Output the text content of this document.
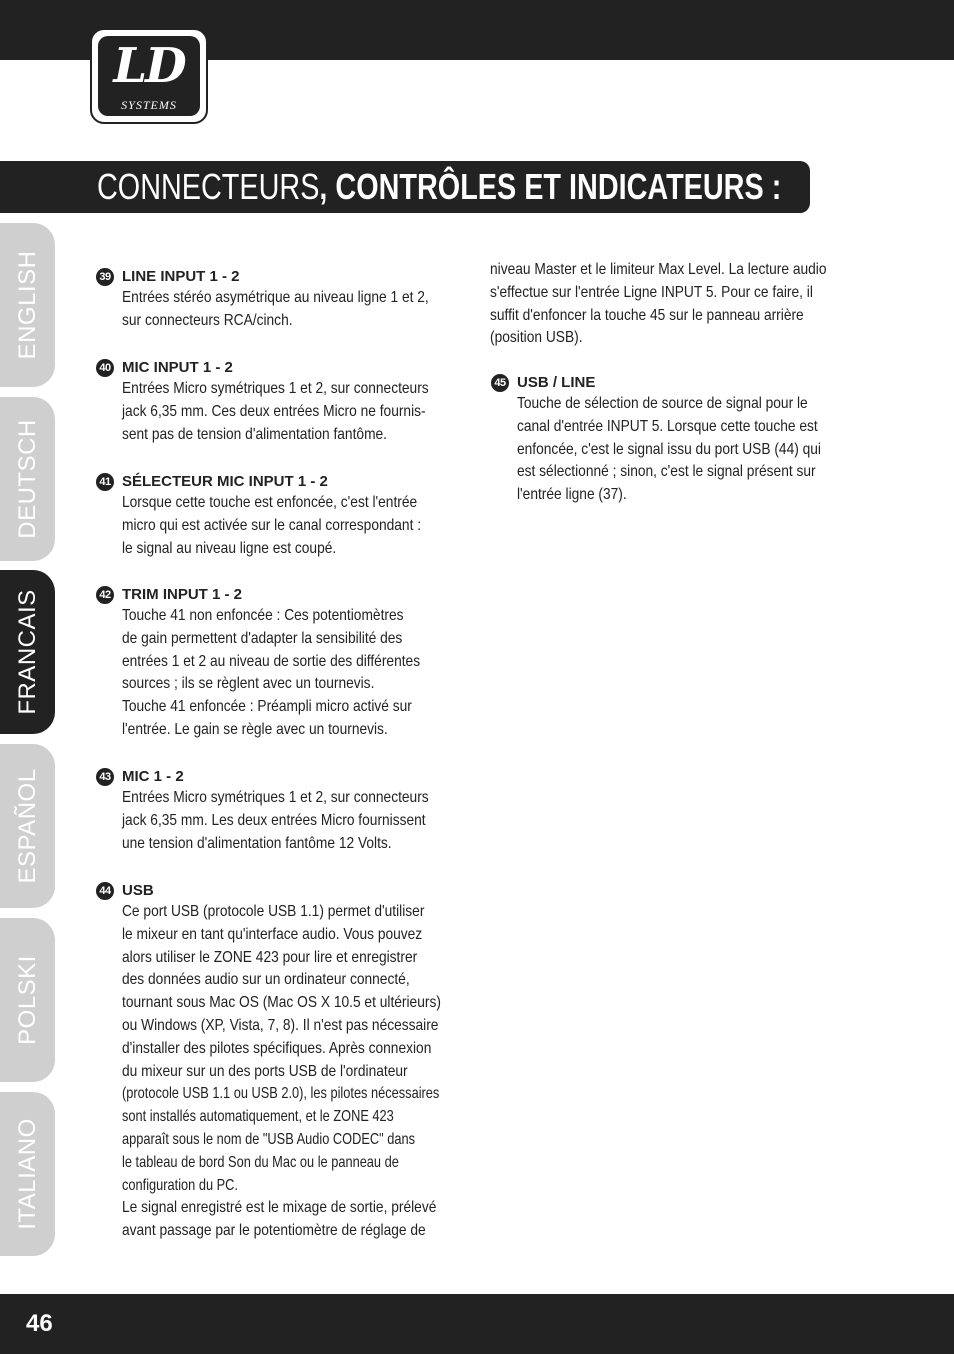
LD
SYSTEMS
CONNECTEURS, CONTRÔLES ET INDICATEURS :
ENGLISH
DEUTSCH
FRANCAIS
ESPAÑOL
POLSKI
ITALIANO
39 LINE INPUT 1 - 2
Entrées stéréo asymétrique au niveau ligne 1 et 2,
sur connecteurs RCA/cinch.
40 MIC INPUT 1 - 2
Entrées Micro symétriques 1 et 2, sur connecteurs
jack 6,35 mm. Ces deux entrées Micro ne fournis-
sent pas de tension d'alimentation fantôme.
41 SÉLECTEUR MIC INPUT 1 - 2
Lorsque cette touche est enfoncée, c'est l'entrée
micro qui est activée sur le canal correspondant :
le signal au niveau ligne est coupé.
42 TRIM INPUT 1 - 2
Touche 41 non enfoncée : Ces potentiomètres
de gain permettent d'adapter la sensibilité des
entrées 1 et 2 au niveau de sortie des différentes
sources ; ils se règlent avec un tournevis.
Touche 41 enfoncée : Préampli micro activé sur
l'entrée. Le gain se règle avec un tournevis.
43 MIC 1 - 2
Entrées Micro symétriques 1 et 2, sur connecteurs
jack 6,35 mm. Les deux entrées Micro fournissent
une tension d'alimentation fantôme 12 Volts.
44 USB
Ce port USB (protocole USB 1.1) permet d'utiliser
le mixeur en tant qu'interface audio. Vous pouvez
alors utiliser le ZONE 423 pour lire et enregistrer
des données audio sur un ordinateur connecté,
tournant sous Mac OS (Mac OS X 10.5 et ultérieurs)
ou Windows (XP, Vista, 7, 8). Il n'est pas nécessaire
d'installer des pilotes spécifiques. Après connexion
du mixeur sur un des ports USB de l'ordinateur
(protocole USB 1.1 ou USB 2.0), les pilotes nécessaires
sont installés automatiquement, et le ZONE 423
apparaît sous le nom de "USB Audio CODEC" dans
le tableau de bord Son du Mac ou le panneau de
configuration du PC.
Le signal enregistré est le mixage de sortie, prélevé
avant passage par le potentiomètre de réglage de
niveau Master et le limiteur Max Level. La lecture audio
s'effectue sur l'entrée Ligne INPUT 5. Pour ce faire, il
suffit d'enfoncer la touche 45 sur le panneau arrière
(position USB).
45 USB / LINE
Touche de sélection de source de signal pour le
canal d'entrée INPUT 5. Lorsque cette touche est
enfoncée, c'est le signal issu du port USB (44) qui
est sélectionné ; sinon, c'est le signal présent sur
l'entrée ligne (37).
46
